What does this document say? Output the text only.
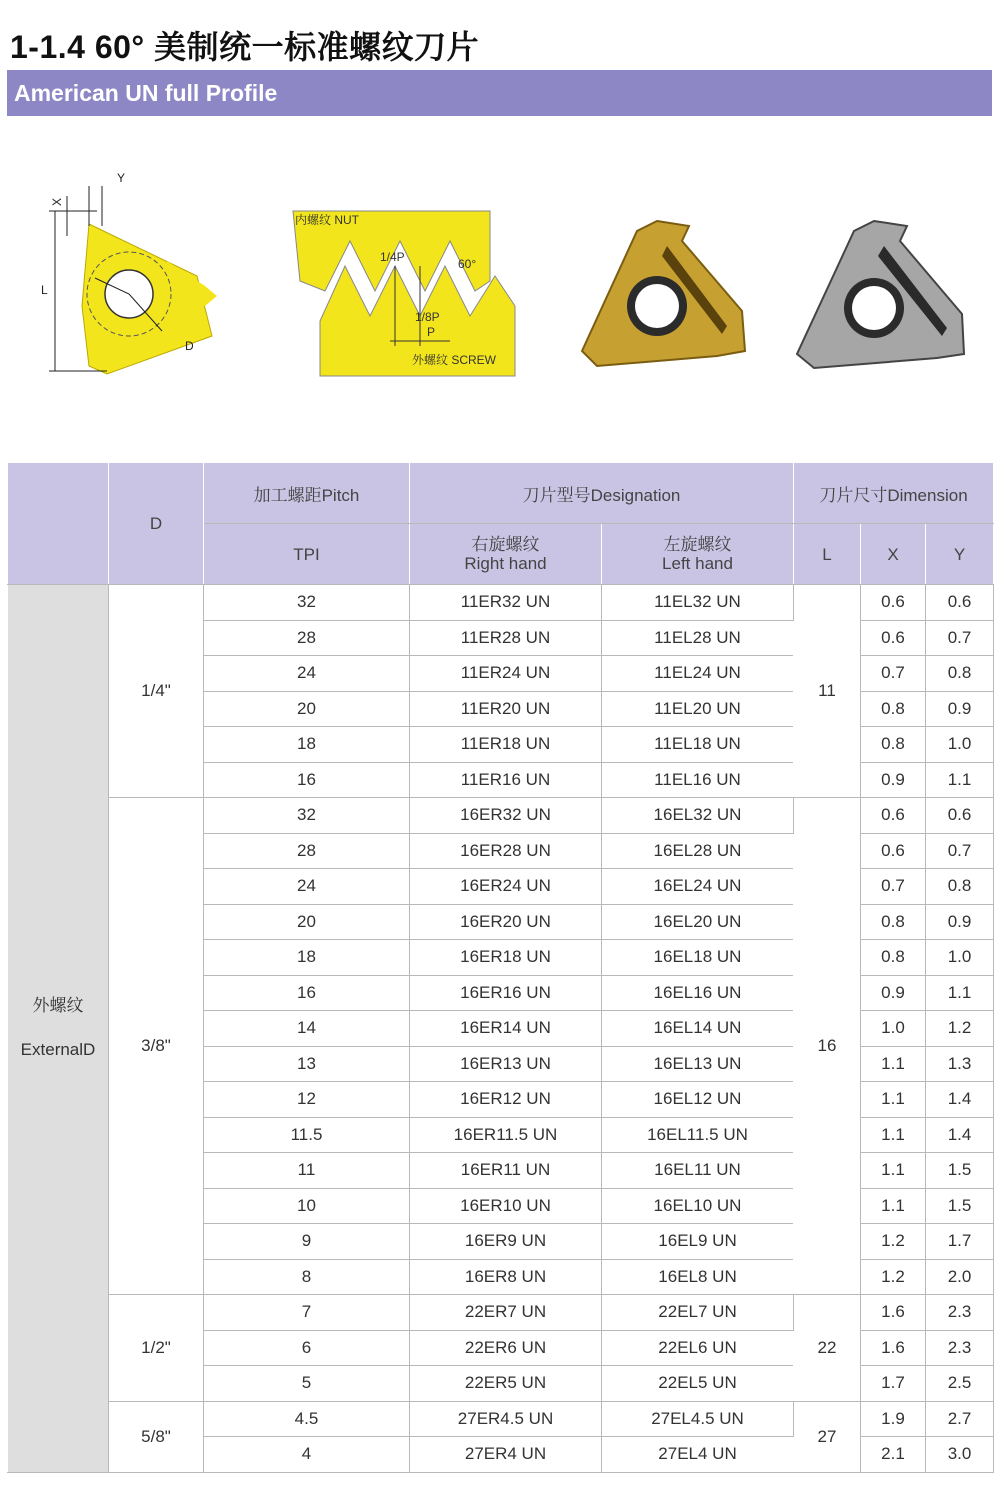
1-1.4 60° 美制统一标准螺纹刀片
American UN full Profile
Y
X
L
D
内螺纹 NUT
1/4P	60°
1/8P
P
外螺纹 SCREW
	D	加工螺距Pitch	刀片型号Designation		刀片尺寸Dimension		
		TPI	右旋螺纹
Right hand	左旋螺纹
Left hand	L	X	Y

外螺纹
ExternalD	1/4"	32	11ER32 UN	11EL32 UN	11	0.6	0.6
		28	11ER28 UN	11EL28 UN		0.6	0.7
		24	11ER24 UN	11EL24 UN		0.7	0.8
		20	11ER20 UN	11EL20 UN		0.8	0.9
		18	11ER18 UN	11EL18 UN		0.8	1.0
		16	11ER16 UN	11EL16 UN		0.9	1.1
	3/8"	32	16ER32 UN	16EL32 UN	16	0.6	0.6
		28	16ER28 UN	16EL28 UN		0.6	0.7
		24	16ER24 UN	16EL24 UN		0.7	0.8
		20	16ER20 UN	16EL20 UN		0.8	0.9
		18	16ER18 UN	16EL18 UN		0.8	1.0
		16	16ER16 UN	16EL16 UN		0.9	1.1
		14	16ER14 UN	16EL14 UN		1.0	1.2
		13	16ER13 UN	16EL13 UN		1.1	1.3
		12	16ER12 UN	16EL12 UN		1.1	1.4
		11.5	16ER11.5 UN	16EL11.5 UN		1.1	1.4
		11	16ER11 UN	16EL11 UN		1.1	1.5
		10	16ER10 UN	16EL10 UN		1.1	1.5
		9	16ER9 UN	16EL9 UN		1.2	1.7
		8	16ER8 UN	16EL8 UN		1.2	2.0
	1/2"	7	22ER7 UN	22EL7 UN	22	1.6	2.3
		6	22ER6 UN	22EL6 UN		1.6	2.3
		5	22ER5 UN	22EL5 UN		1.7	2.5
	5/8"	4.5	27ER4.5 UN	27EL4.5 UN	27	1.9	2.7
		4	27ER4 UN	27EL4 UN		2.1	3.0
